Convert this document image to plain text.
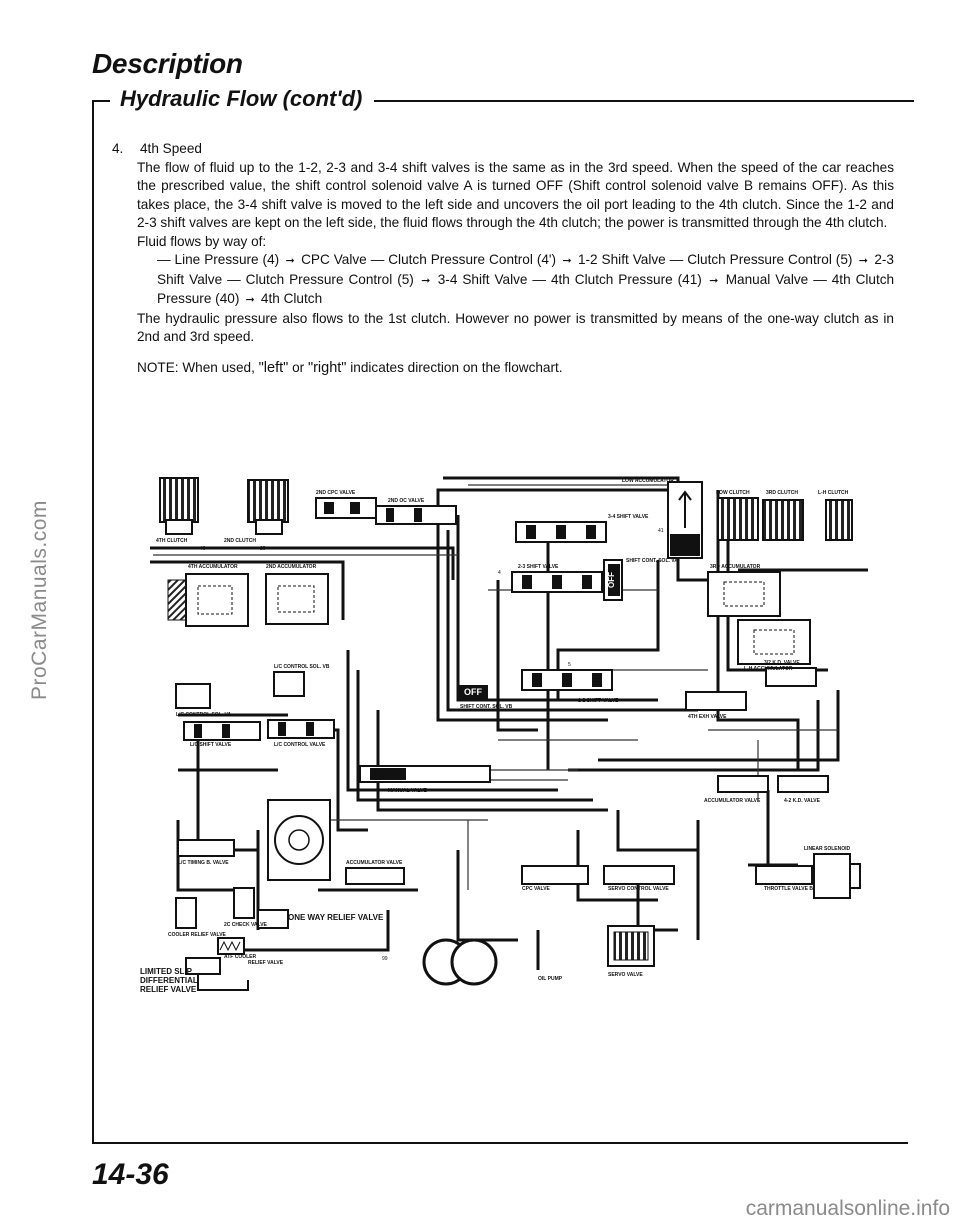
ProCarManuals.com
Description
Hydraulic Flow (cont'd)
4. 4th Speed

The flow of fluid up to the 1-2, 2-3 and 3-4 shift valves is the same as in the 3rd speed. When the speed of the car reaches the prescribed value, the shift control solenoid valve A is turned OFF (Shift control solenoid valve B remains OFF). As this takes place, the 3-4 shift valve is moved to the left side and uncovers the oil port leading to the 4th clutch. Since the 1-2 and 2-3 shift valves are kept on the left side, the fluid flows through the 4th clutch; the power is transmitted through the 4th clutch.

Fluid flows by way of:

— Line Pressure (4) ➞ CPC Valve — Clutch Pressure Control (4') ➞ 1-2 Shift Valve — Clutch Pressure Control (5) ➞ 2-3 Shift Valve — Clutch Pressure Control (5) ➞ 3-4 Shift Valve — 4th Clutch Pressure (41) ➞ Manual Valve — 4th Clutch Pressure (40) ➞ 4th Clutch

The hydraulic pressure also flows to the 1st clutch. However no power is transmitted by means of the one-way clutch as in 2nd and 3rd speed.

NOTE: When used, "left" or "right" indicates direction on the flowchart.

OFF
OFF
4TH CLUTCH	2ND CLUTCH
4TH ACCUMULATOR	2ND ACCUMULATOR
2ND CPC VALVE
2ND OC VALVE
LOW ACCUMULATOR
LOW CLUTCH	3RD CLUTCH	L-H CLUTCH
3-4 SHIFT VALVE
2-3 SHIFT VALVE
SHIFT CONT. SOL. VA
3RD ACCUMULATOR
L-H ACCUMULATOR
1-2 SHIFT VALVE
SHIFT CONT. SOL. VB
L/C CONTROL SOL. VA
L/C CONTROL SOL. VB
L/C SHIFT VALVE	L/C CONTROL VALVE
3/2 K.D. VALVE
4TH EXH VALVE
MANUAL VALVE
ACCUMULATOR VALVE	4-2 K.D. VALVE
L/C TIMING B. VALVE	ACCUMULATOR VALVE
LINEAR SOLENOID
SERVO CONTROL VALVE	THROTTLE VALVE B
CPC VALVE
COOLER RELIEF VALVE
2C CHECK VALVE
ATF COOLER
RELIEF VALVE
OIL PUMP
SERVO VALVE
ONE WAY RELIEF VALVE
LIMITED SLIP
DIFFERENTIAL
RELIEF VALVE
40	25
41
4
5
99
14-36
carmanualsonline.info
